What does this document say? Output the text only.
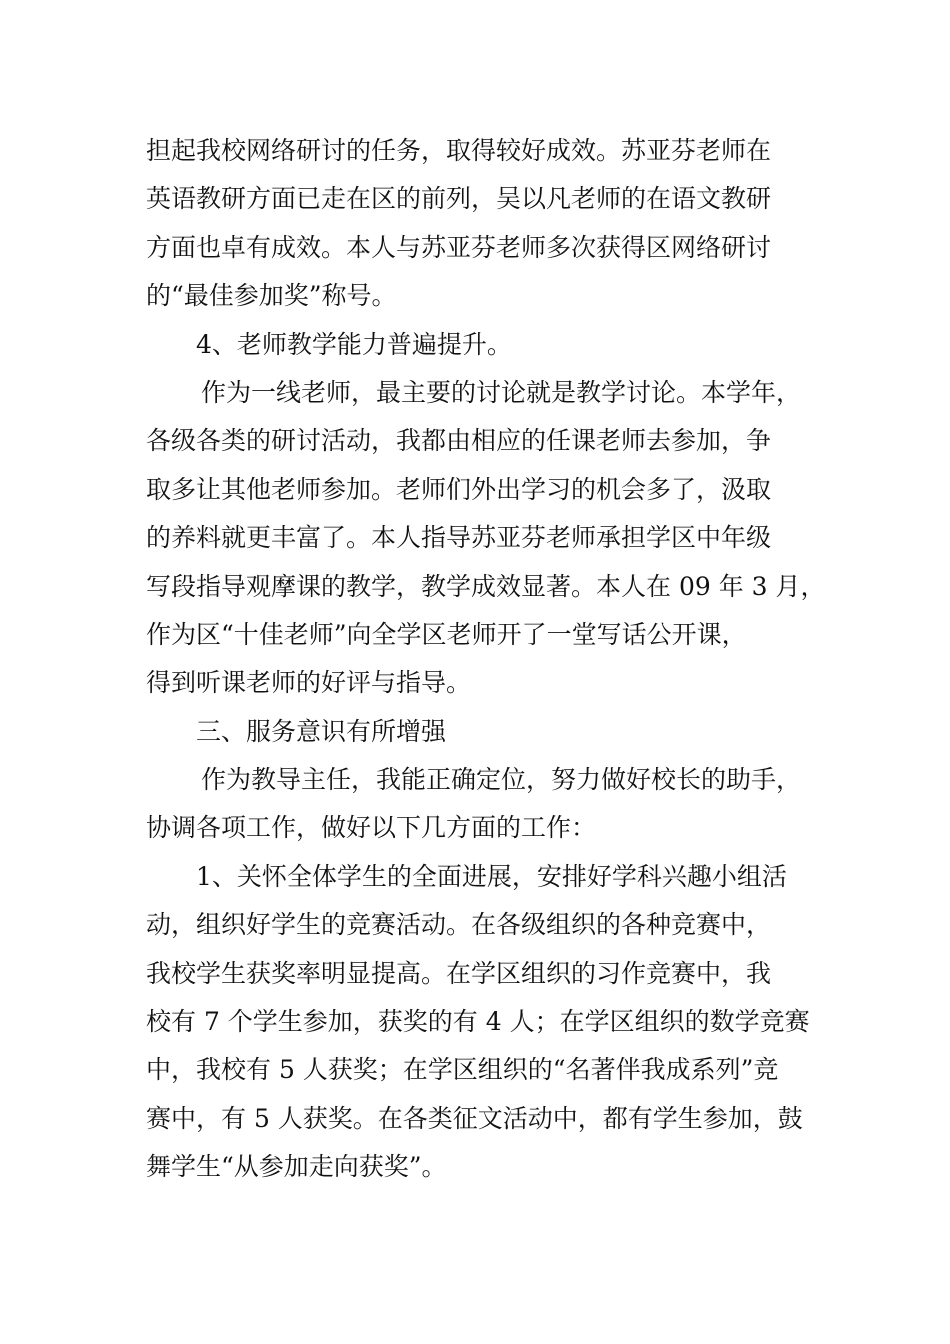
担起我校网络研讨的任务，取得较好成效。苏亚芬老师在
英语教研方面已走在区的前列，吴以凡老师的在语文教研
方面也卓有成效。本人与苏亚芬老师多次获得区网络研讨
的“最佳参加奖”称号。
4、老师教学能力普遍提升。
作为一线老师，最主要的讨论就是教学讨论。本学年，
各级各类的研讨活动，我都由相应的任课老师去参加，争
取多让其他老师参加。老师们外出学习的机会多了，汲取
的养料就更丰富了。本人指导苏亚芬老师承担学区中年级
写段指导观摩课的教学，教学成效显著。本人在 09 年 3 月，
作为区“十佳老师”向全学区老师开了一堂写话公开课，
得到听课老师的好评与指导。
三、服务意识有所增强
作为教导主任，我能正确定位，努力做好校长的助手，
协调各项工作，做好以下几方面的工作：
1、关怀全体学生的全面进展，安排好学科兴趣小组活
动，组织好学生的竞赛活动。在各级组织的各种竞赛中，
我校学生获奖率明显提高。在学区组织的习作竞赛中，我
校有 7 个学生参加，获奖的有 4 人；在学区组织的数学竞赛
中，我校有 5 人获奖；在学区组织的“名著伴我成系列”竞
赛中，有 5 人获奖。在各类征文活动中，都有学生参加，鼓
舞学生“从参加走向获奖”。
